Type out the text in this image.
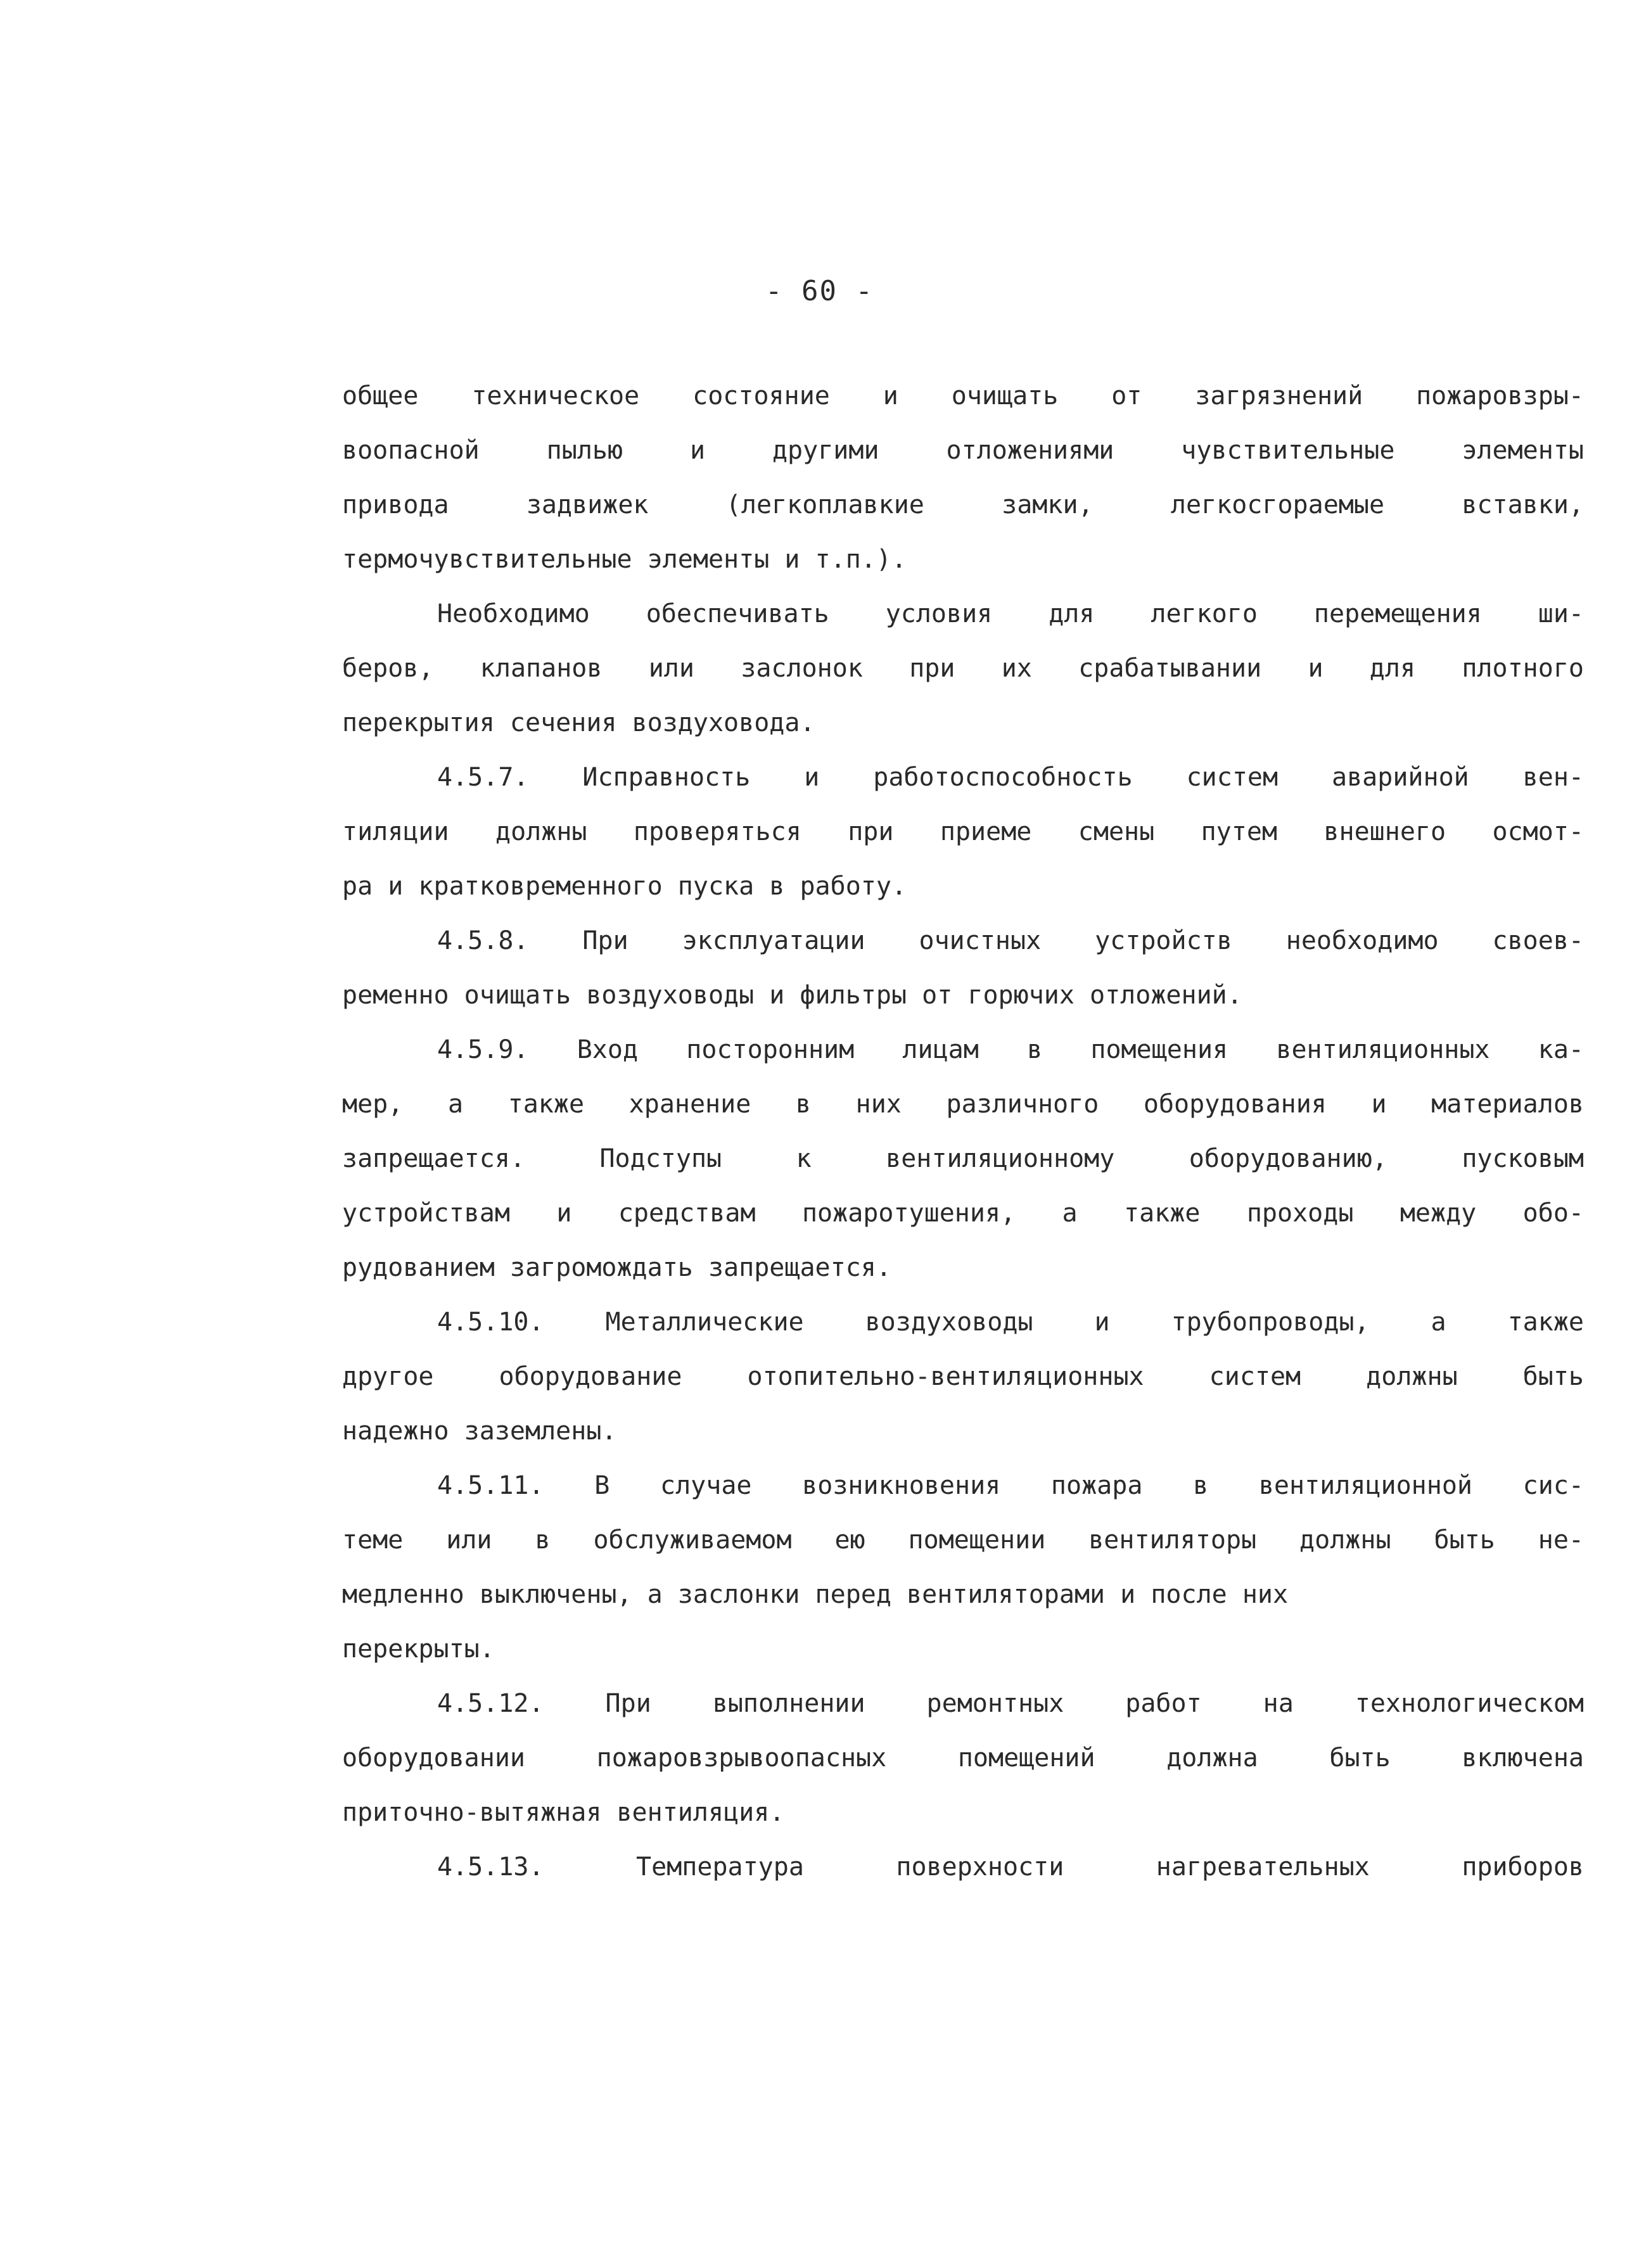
- 60 -
общее техническое состояние и очищать от загрязнений пожаровзры-
воопасной пылью и другими отложениями чувствительные элементы
привода задвижек (легкоплавкие замки, легкосгораемые вставки,
термочувствительные элементы и т.п.).
Необходимо обеспечивать условия для легкого перемещения ши-
беров, клапанов или заслонок при их срабатывании и для плотного
перекрытия сечения воздуховода.
4.5.7. Исправность и работоспособность систем аварийной вен-
тиляции должны проверяться при приеме смены путем внешнего осмот-
ра и кратковременного пуска в работу.
4.5.8. При эксплуатации очистных устройств необходимо своев-
ременно очищать воздуховоды и фильтры от горючих отложений.
4.5.9. Вход посторонним лицам в помещения вентиляционных ка-
мер, а также хранение в них различного оборудования и материалов
запрещается. Подступы к вентиляционному оборудованию, пусковым
устройствам и средствам пожаротушения, а также проходы между обо-
рудованием загромождать запрещается.
4.5.10. Металлические воздуховоды и трубопроводы, а также
другое оборудование отопительно-вентиляционных систем должны быть
надежно заземлены.
4.5.11. В случае возникновения пожара в вентиляционной сис-
теме или в обслуживаемом ею помещении вентиляторы должны быть не-
медленно выключены, а заслонки перед вентиляторами и после них
перекрыты.
4.5.12. При выполнении ремонтных работ на технологическом
оборудовании пожаровзрывоопасных помещений должна быть включена
приточно-вытяжная вентиляция.
4.5.13. Температура поверхности нагревательных приборов
